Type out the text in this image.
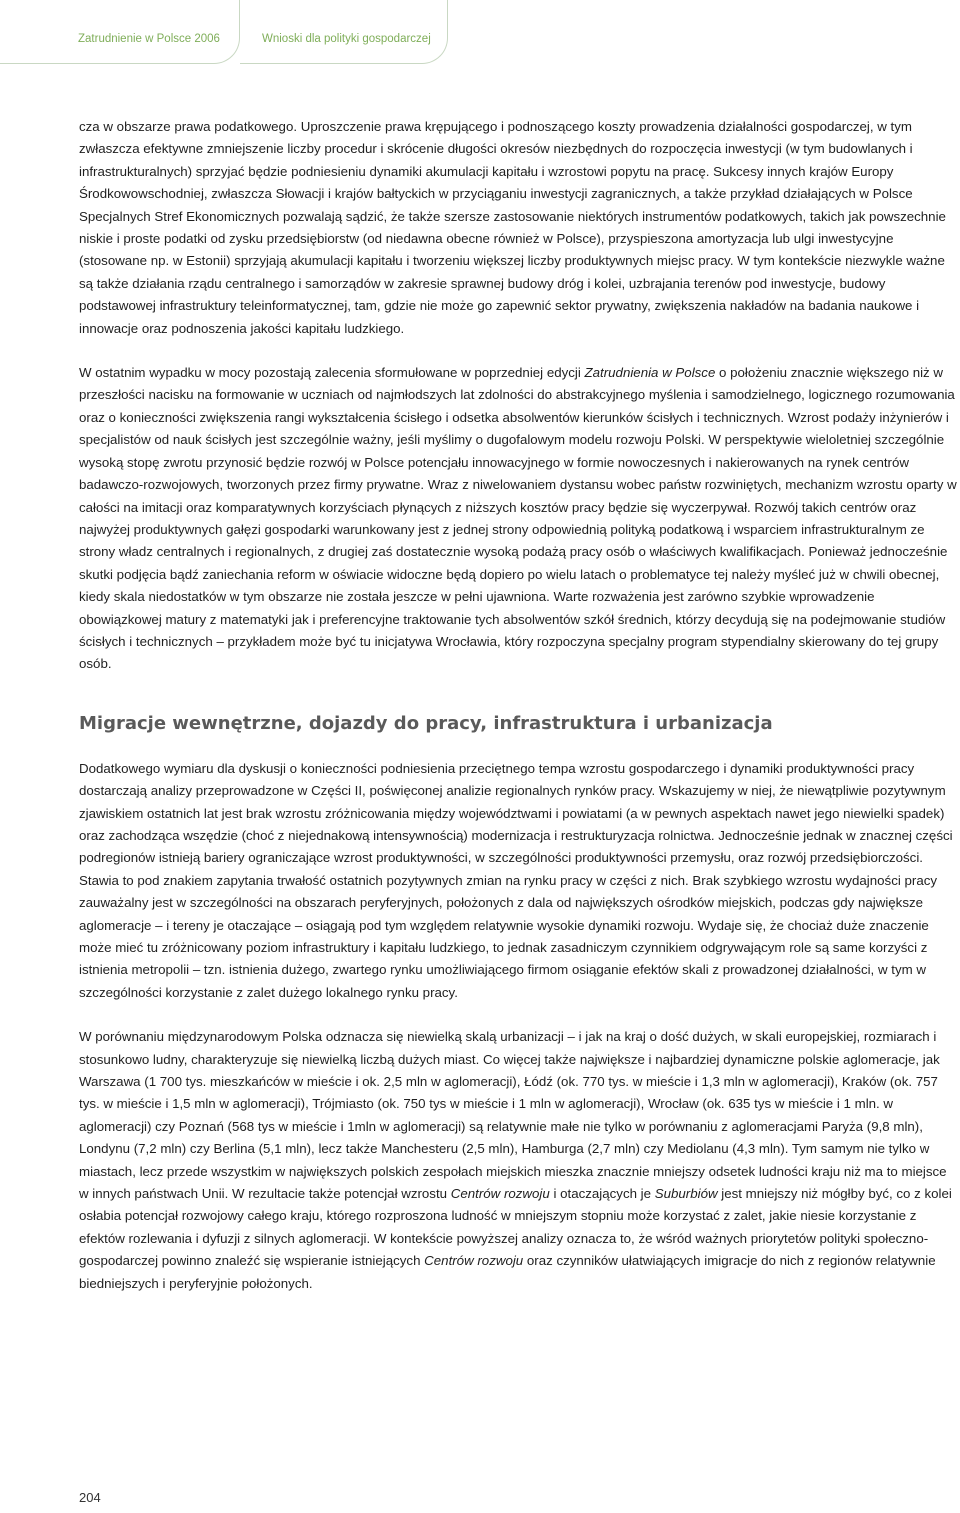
Zatrudnienie w Polsce 2006	Wnioski dla polityki gospodarczej

cza w obszarze prawa podatkowego. Uproszczenie prawa krępującego i podnoszącego koszty prowadzenia działalności gospodarczej, w tym zwłaszcza efektywne zmniejszenie liczby procedur i skrócenie długości okresów niezbędnych do rozpoczęcia inwestycji (w tym budowlanych i infrastrukturalnych) sprzyjać będzie podniesieniu dynamiki akumulacji kapitału i wzrostowi popytu na pracę. Sukcesy innych krajów Europy Środkowowschodniej, zwłaszcza Słowacji i krajów bałtyckich w przyciąganiu inwestycji zagranicznych, a także przykład działających w Polsce Specjalnych Stref Ekonomicznych pozwalają sądzić, że także szersze zastosowanie niektórych instrumentów podatkowych, takich jak powszechnie niskie i proste podatki od zysku przedsiębiorstw (od niedawna obecne również w Polsce), przyspieszona amortyzacja lub ulgi inwestycyjne (stosowane np. w Estonii) sprzyjają akumulacji kapitału i tworzeniu większej liczby produktywnych miejsc pracy. W tym kontekście niezwykle ważne są także działania rządu centralnego i samorządów w zakresie sprawnej budowy dróg i kolei, uzbrajania terenów pod inwestycje, budowy podstawowej infrastruktury teleinformatycznej, tam, gdzie nie może go zapewnić sektor prywatny, zwiększenia nakładów na badania naukowe i innowacje oraz podnoszenia jakości kapitału ludzkiego.

W ostatnim wypadku w mocy pozostają zalecenia sformułowane w poprzedniej edycji Zatrudnienia w Polsce o położeniu znacznie większego niż w przeszłości nacisku na formowanie w uczniach od najmłodszych lat zdolności do abstrakcyjnego myślenia i samodzielnego, logicznego rozumowania oraz o konieczności zwiększenia rangi wykształcenia ścisłego i odsetka absolwentów kierunków ścisłych i technicznych. Wzrost podaży inżynierów i specjalistów od nauk ścisłych jest szczególnie ważny, jeśli myślimy o dugofalowym modelu rozwoju Polski. W perspektywie wieloletniej szczególnie wysoką stopę zwrotu przynosić będzie rozwój w Polsce potencjału innowacyjnego w formie nowoczesnych i nakierowanych na rynek centrów badawczo-rozwojowych, tworzonych przez firmy prywatne. Wraz z niwelowaniem dystansu wobec państw rozwiniętych, mechanizm wzrostu oparty w całości na imitacji oraz komparatywnych korzyściach płynących z niższych kosztów pracy będzie się wyczerpywał. Rozwój takich centrów oraz najwyżej produktywnych gałęzi gospodarki warunkowany jest z jednej strony odpowiednią polityką podatkową i wsparciem infrastrukturalnym ze strony władz centralnych i regionalnych, z drugiej zaś dostatecznie wysoką podażą pracy osób o właściwych kwalifikacjach. Ponieważ jednocześnie skutki podjęcia bądź zaniechania reform w oświacie widoczne będą dopiero po wielu latach o problematyce tej należy myśleć już w chwili obecnej, kiedy skala niedostatków w tym obszarze nie została jeszcze w pełni ujawniona. Warte rozważenia jest zarówno szybkie wprowadzenie obowiązkowej matury z matematyki jak i preferencyjne traktowanie tych absolwentów szkół średnich, którzy decydują się na podejmowanie studiów ścisłych i technicznych – przykładem może być tu inicjatywa Wrocławia, który rozpoczyna specjalny program stypendialny skierowany do tej grupy osób.

Migracje wewnętrzne, dojazdy do pracy, infrastruktura i urbanizacja

Dodatkowego wymiaru dla dyskusji o konieczności podniesienia przeciętnego tempa wzrostu gospodarczego i dynamiki produktywności pracy dostarczają analizy przeprowadzone w Części II, poświęconej analizie regionalnych rynków pracy. Wskazujemy w niej, że niewątpliwie pozytywnym zjawiskiem ostatnich lat jest brak wzrostu zróżnicowania między województwami i powiatami (a w pewnych aspektach nawet jego niewielki spadek) oraz zachodząca wszędzie (choć z niejednakową intensywnością) modernizacja i restrukturyzacja rolnictwa. Jednocześnie jednak w znacznej części podregionów istnieją bariery ograniczające wzrost produktywności, w szczególności produktywności przemysłu, oraz rozwój przedsiębiorczości. Stawia to pod znakiem zapytania trwałość ostatnich pozytywnych zmian na rynku pracy w części z nich. Brak szybkiego wzrostu wydajności pracy zauważalny jest w szczególności na obszarach peryferyjnych, położonych z dala od największych ośrodków miejskich, podczas gdy największe aglomeracje – i tereny je otaczające – osiągają pod tym względem relatywnie wysokie dynamiki rozwoju. Wydaje się, że chociaż duże znaczenie może mieć tu zróżnicowany poziom infrastruktury i kapitału ludzkiego, to jednak zasadniczym czynnikiem odgrywającym role są same korzyści z istnienia metropolii – tzn. istnienia dużego, zwartego rynku umożliwiającego firmom osiąganie efektów skali z prowadzonej działalności, w tym w szczególności korzystanie z zalet dużego lokalnego rynku pracy.

W porównaniu międzynarodowym Polska odznacza się niewielką skalą urbanizacji – i jak na kraj o dość dużych, w skali europejskiej, rozmiarach i stosunkowo ludny, charakteryzuje się niewielką liczbą dużych miast. Co więcej także największe i najbardziej dynamiczne polskie aglomeracje, jak Warszawa (1 700 tys. mieszkańców w mieście i ok. 2,5 mln w aglomeracji), Łódź (ok. 770 tys. w mieście i 1,3 mln w aglomeracji), Kraków (ok. 757 tys. w mieście i 1,5 mln w aglomeracji), Trójmiasto (ok. 750 tys w mieście i 1 mln w aglomeracji), Wrocław (ok. 635 tys w mieście i 1 mln. w aglomeracji) czy Poznań (568 tys w mieście i 1mln w aglomeracji) są relatywnie małe nie tylko w porównaniu z aglomeracjami Paryża (9,8 mln), Londynu (7,2 mln) czy Berlina (5,1 mln), lecz także Manchesteru (2,5 mln), Hamburga (2,7 mln) czy Mediolanu (4,3 mln). Tym samym nie tylko w miastach, lecz przede wszystkim w największych polskich zespołach miejskich mieszka znacznie mniejszy odsetek ludności kraju niż ma to miejsce w innych państwach Unii. W rezultacie także potencjał wzrostu Centrów rozwoju i otaczających je Suburbiów jest mniejszy niż mógłby być, co z kolei osłabia potencjał rozwojowy całego kraju, którego rozproszona ludność w mniejszym stopniu może korzystać z zalet, jakie niesie korzystanie z efektów rozlewania i dyfuzji z silnych aglomeracji. W kontekście powyższej analizy oznacza to, że wśród ważnych priorytetów polityki społeczno-gospodarczej powinno znaleźć się wspieranie istniejących Centrów rozwoju oraz czynników ułatwiających imigracje do nich z regionów relatywnie biedniejszych i peryferyjnie położonych.

204
